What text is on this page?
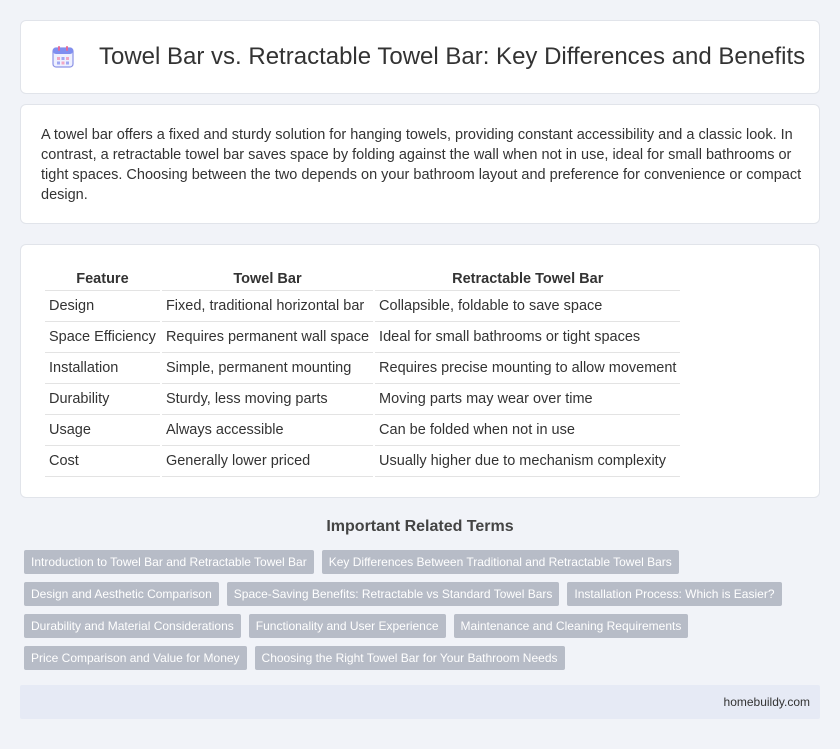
Towel Bar vs. Retractable Towel Bar: Key Differences and Benefits

A towel bar offers a fixed and sturdy solution for hanging towels, providing constant accessibility and a classic look. In contrast, a retractable towel bar saves space by folding against the wall when not in use, ideal for small bathrooms or tight spaces. Choosing between the two depends on your bathroom layout and preference for convenience or compact design.

Feature	Towel Bar	Retractable Towel Bar
Design	Fixed, traditional horizontal bar	Collapsible, foldable to save space
Space Efficiency	Requires permanent wall space	Ideal for small bathrooms or tight spaces
Installation	Simple, permanent mounting	Requires precise mounting to allow movement
Durability	Sturdy, less moving parts	Moving parts may wear over time
Usage	Always accessible	Can be folded when not in use
Cost	Generally lower priced	Usually higher due to mechanism complexity
Important Related Terms
Introduction to Towel Bar and Retractable Towel Bar	Key Differences Between Traditional and Retractable Towel Bars
Design and Aesthetic Comparison	Space-Saving Benefits: Retractable vs Standard Towel Bars	Installation Process: Which is Easier?
Durability and Material Considerations	Functionality and User Experience	Maintenance and Cleaning Requirements
Price Comparison and Value for Money	Choosing the Right Towel Bar for Your Bathroom Needs
homebuildy.com
